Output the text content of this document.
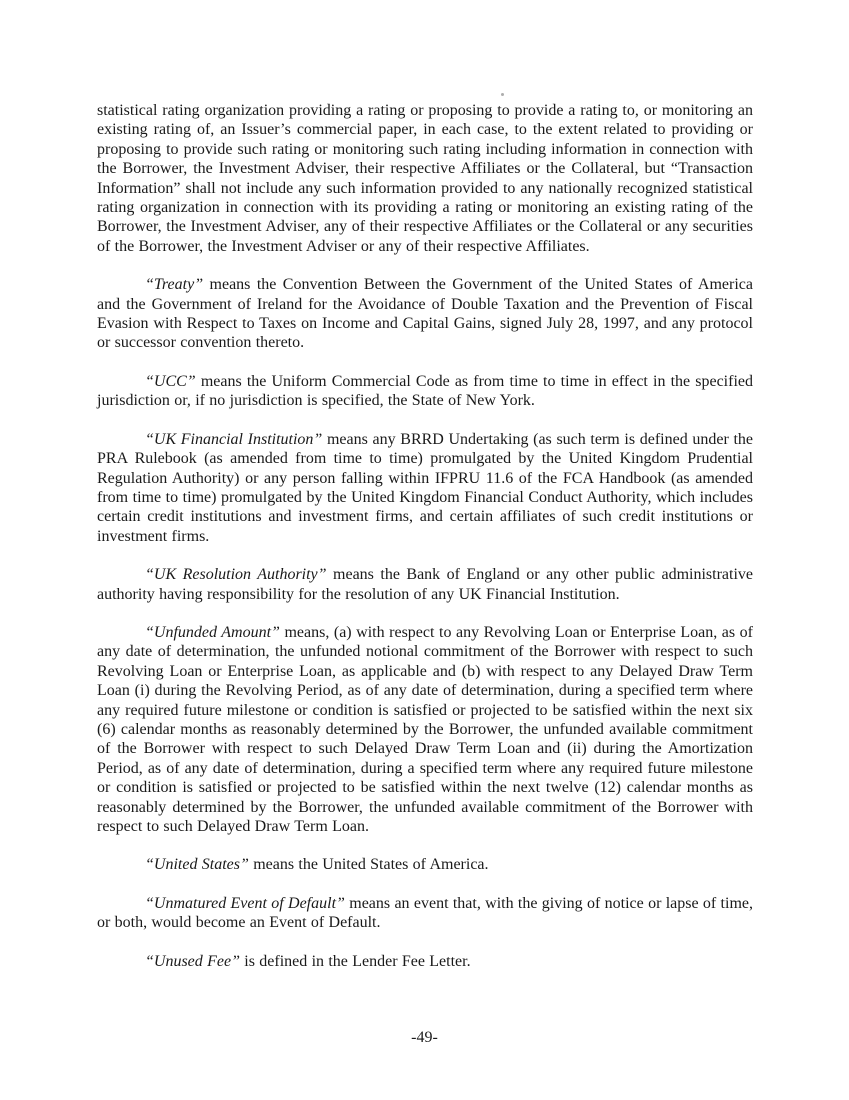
statistical rating organization providing a rating or proposing to provide a rating to, or monitoring an existing rating of, an Issuer’s commercial paper, in each case, to the extent related to providing or proposing to provide such rating or monitoring such rating including information in connection with the Borrower, the Investment Adviser, their respective Affiliates or the Collateral, but “Transaction Information” shall not include any such information provided to any nationally recognized statistical rating organization in connection with its providing a rating or monitoring an existing rating of the Borrower, the Investment Adviser, any of their respective Affiliates or the Collateral or any securities of the Borrower, the Investment Adviser or any of their respective Affiliates.

“Treaty” means the Convention Between the Government of the United States of America and the Government of Ireland for the Avoidance of Double Taxation and the Prevention of Fiscal Evasion with Respect to Taxes on Income and Capital Gains, signed July 28, 1997, and any protocol or successor convention thereto.

“UCC” means the Uniform Commercial Code as from time to time in effect in the specified jurisdiction or, if no jurisdiction is specified, the State of New York.

“UK Financial Institution” means any BRRD Undertaking (as such term is defined under the PRA Rulebook (as amended from time to time) promulgated by the United Kingdom Prudential Regulation Authority) or any person falling within IFPRU 11.6 of the FCA Handbook (as amended from time to time) promulgated by the United Kingdom Financial Conduct Authority, which includes certain credit institutions and investment firms, and certain affiliates of such credit institutions or investment firms.

“UK Resolution Authority” means the Bank of England or any other public administrative authority having responsibility for the resolution of any UK Financial Institution.

“Unfunded Amount” means, (a) with respect to any Revolving Loan or Enterprise Loan, as of any date of determination, the unfunded notional commitment of the Borrower with respect to such Revolving Loan or Enterprise Loan, as applicable and (b) with respect to any Delayed Draw Term Loan (i) during the Revolving Period, as of any date of determination, during a specified term where any required future milestone or condition is satisfied or projected to be satisfied within the next six (6) calendar months as reasonably determined by the Borrower, the unfunded available commitment of the Borrower with respect to such Delayed Draw Term Loan and (ii) during the Amortization Period, as of any date of determination, during a specified term where any required future milestone or condition is satisfied or projected to be satisfied within the next twelve (12) calendar months as reasonably determined by the Borrower, the unfunded available commitment of the Borrower with respect to such Delayed Draw Term Loan.

“United States” means the United States of America.

“Unmatured Event of Default” means an event that, with the giving of notice or lapse of time, or both, would become an Event of Default.

“Unused Fee” is defined in the Lender Fee Letter.

-49-
